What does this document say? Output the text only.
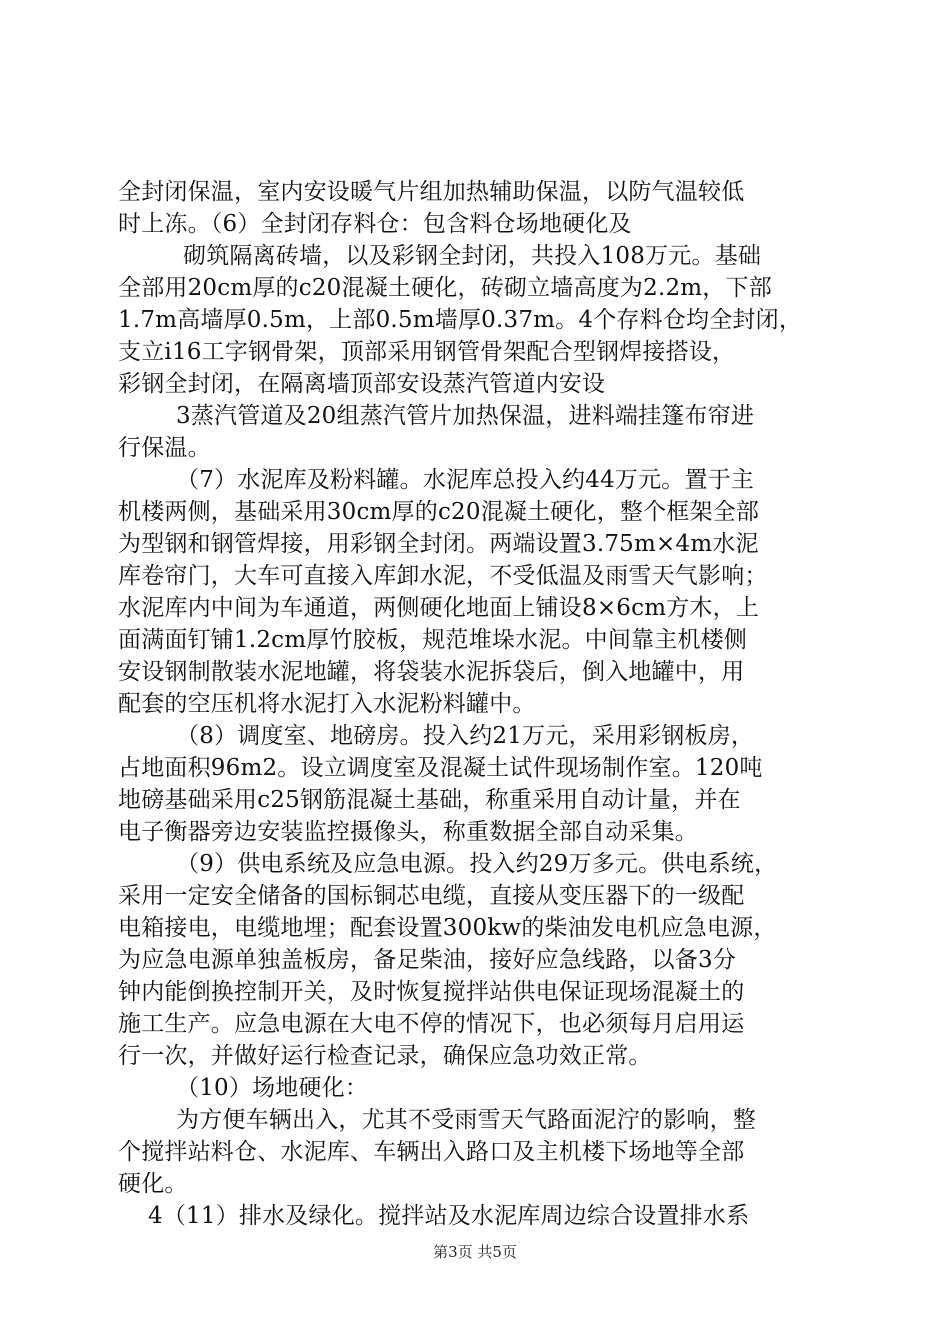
全封闭保温，室内安设暖气片组加热辅助保温，以防气温较低
时上冻。（6）全封闭存料仓：包含料仓场地硬化及
砌筑隔离砖墙，以及彩钢全封闭，共投入108万元。基础
全部用20cm厚的c20混凝土硬化，砖砌立墙高度为2.2m，下部
1.7m高墙厚0.5m，上部0.5m墙厚0.37m。4个存料仓均全封闭，
支立i16工字钢骨架，顶部采用钢管骨架配合型钢焊接搭设，
彩钢全封闭，在隔离墙顶部安设蒸汽管道内安设
3蒸汽管道及20组蒸汽管片加热保温，进料端挂篷布帘进
行保温。
（7）水泥库及粉料罐。水泥库总投入约44万元。置于主
机楼两侧，基础采用30cm厚的c20混凝土硬化，整个框架全部
为型钢和钢管焊接，用彩钢全封闭。两端设置3.75m×4m水泥
库卷帘门，大车可直接入库卸水泥，不受低温及雨雪天气影响；
水泥库内中间为车通道，两侧硬化地面上铺设8×6cm方木，上
面满面钉铺1.2cm厚竹胶板，规范堆垛水泥。中间靠主机楼侧
安设钢制散装水泥地罐，将袋装水泥拆袋后，倒入地罐中，用
配套的空压机将水泥打入水泥粉料罐中。
（8）调度室、地磅房。投入约21万元，采用彩钢板房，
占地面积96m2。设立调度室及混凝土试件现场制作室。120吨
地磅基础采用c25钢筋混凝土基础，称重采用自动计量，并在
电子衡器旁边安装监控摄像头，称重数据全部自动采集。
（9）供电系统及应急电源。投入约29万多元。供电系统，
采用一定安全储备的国标铜芯电缆，直接从变压器下的一级配
电箱接电，电缆地埋；配套设置300kw的柴油发电机应急电源，
为应急电源单独盖板房，备足柴油，接好应急线路，以备3分
钟内能倒换控制开关，及时恢复搅拌站供电保证现场混凝土的
施工生产。应急电源在大电不停的情况下，也必须每月启用运
行一次，并做好运行检查记录，确保应急功效正常。
（10）场地硬化：
为方便车辆出入，尤其不受雨雪天气路面泥泞的影响，整
个搅拌站料仓、水泥库、车辆出入路口及主机楼下场地等全部
硬化。
4（11）排水及绿化。搅拌站及水泥库周边综合设置排水系
第3页 共5页
